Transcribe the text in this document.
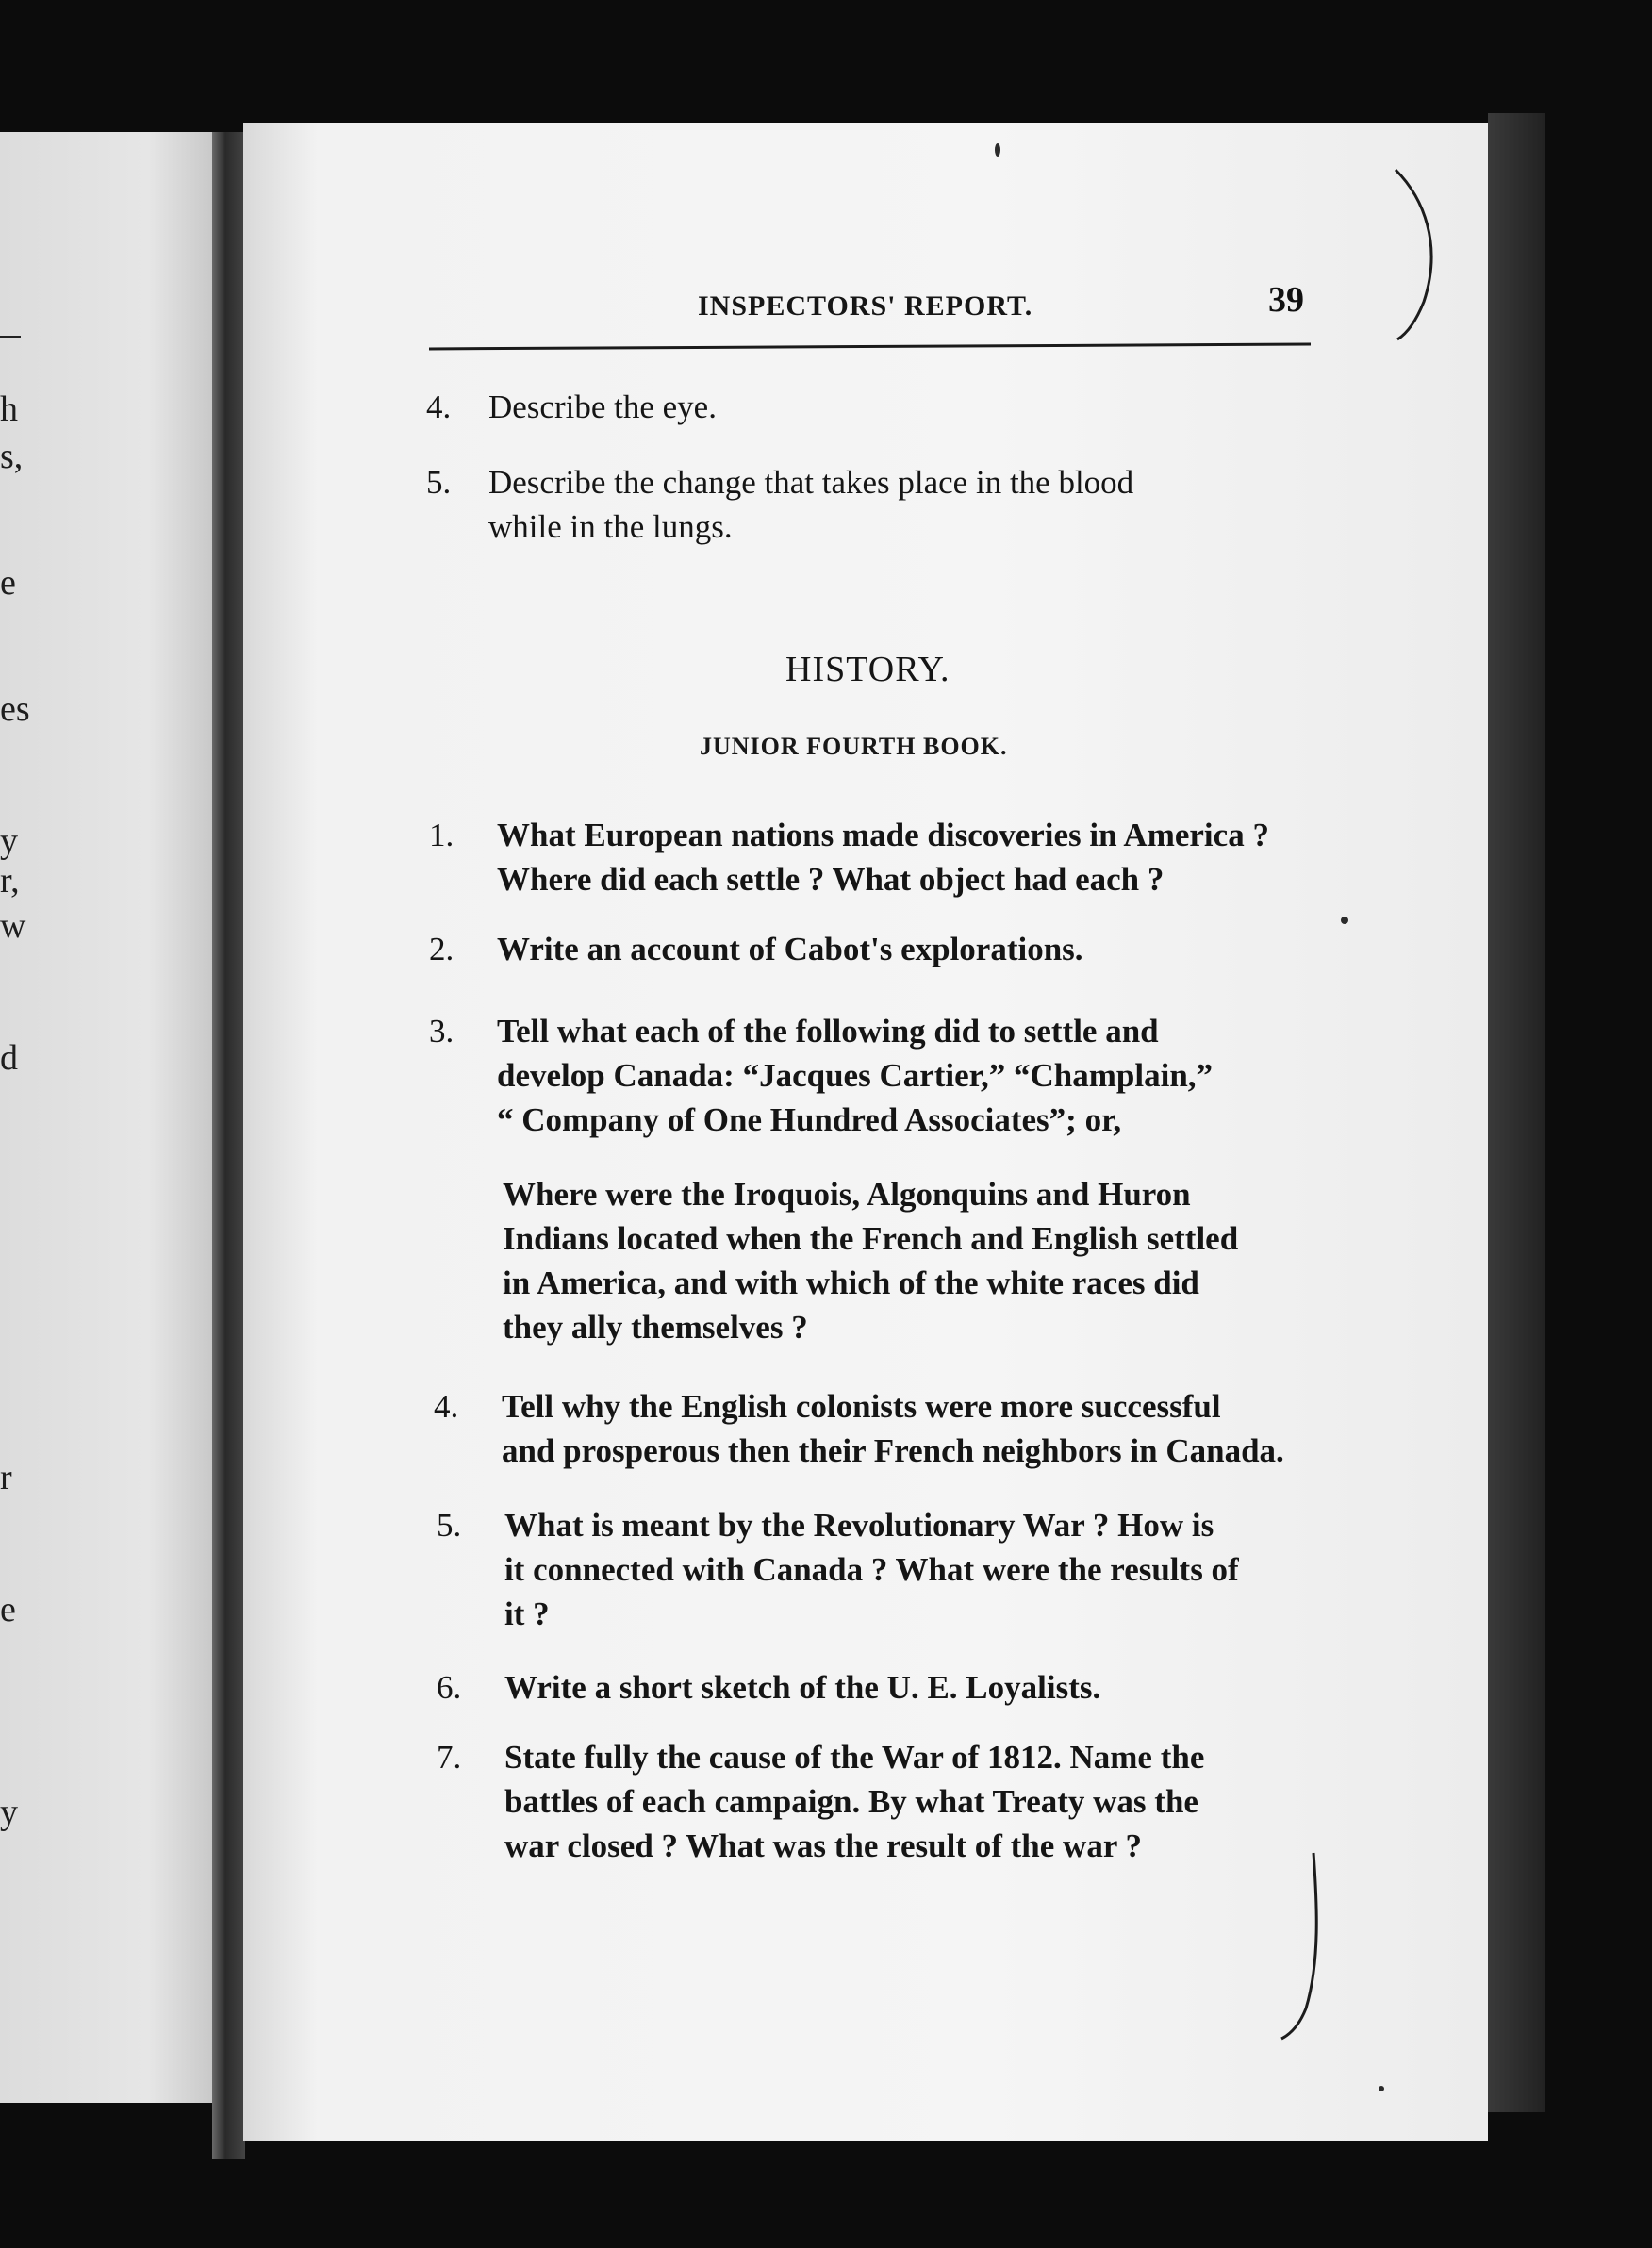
h
s,
e
es
y
r,
w
d
r
e
y
INSPECTORS' REPORT.	39
4. Describe the eye.
5. Describe the change that takes place in the blood
while in the lungs.
HISTORY.
JUNIOR FOURTH BOOK.
1. What European nations made discoveries in America ?
Where did each settle ? What object had each ?
2. Write an account of Cabot's explorations.
3. Tell what each of the following did to settle and
develop Canada: “Jacques Cartier,” “Champlain,”
“ Company of One Hundred Associates”; or,
Where were the Iroquois, Algonquins and Huron
Indians located when the French and English settled
in America, and with which of the white races did
they ally themselves ?
4. Tell why the English colonists were more successful
and prosperous then their French neighbors in Canada.
5. What is meant by the Revolutionary War ? How is
it connected with Canada ? What were the results of
it ?
6. Write a short sketch of the U. E. Loyalists.
7. State fully the cause of the War of 1812. Name the
battles of each campaign. By what Treaty was the
war closed ? What was the result of the war ?
